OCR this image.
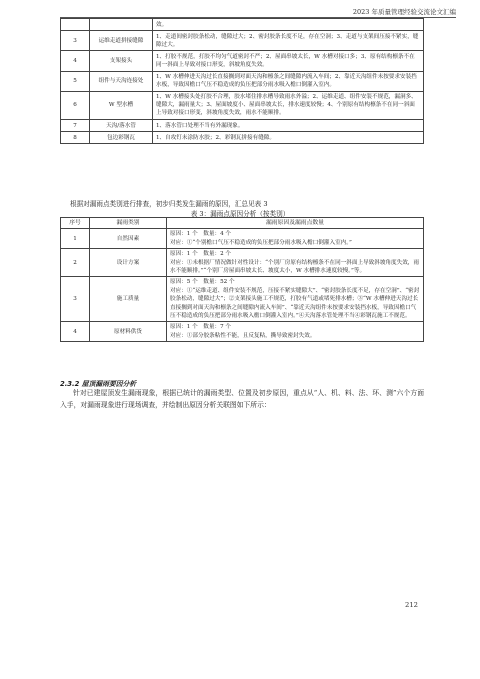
2023 年质量管理经验交流论文汇编
		效。
3	运维走道拼接缝隙	1、走道间密封胶条松动，缝隙过大；2、密封胶条长度不足，存在空洞；3、走道与支架间压接不紧实，缝隙过大。
4	支架接头	1、打胶不规范，打胶不均匀气道密封不严；2、屋面串坡太长，W 水槽对接口多；3、原有结构檩条不在同一斜面上导致对接口形变，斜坡角度失效。
5	组件与天沟连接处	1、W 水槽伸进天沟过长直接搁到对面天沟和檩条之间缝隙内流入车间；2、靠近天沟组件未按要求安装挡水板，导致因檐口气压不稳造成的负压把部分雨水吸入檐口倒灌入室内。
6	W 型水槽	1、W 水槽接头处打胶不合理，胶水堵住排水槽导致雨水外溢；2、运维走道、组件安装不规范，漏洞多、缝隙大，漏雨量大；3、屋面坡度小、屋面串坡太长，排水速度较慢；4、个别原有结构檩条不在同一斜面上导致对接口形变，斜坡角度失效，雨水不能顺排。
7	天沟/落水管	1、落水管口处理不当有外漏现象。
8	包边彩钢瓦	1、自攻钉未涂防水胶；2、彩钢瓦拼接有缝隙。
根据对漏雨点类别进行排查，初步归类发生漏雨的原因，汇总见表 3
表 3：漏雨点原因分析（按类别）
序号	漏雨类别	漏雨原因及漏雨点数量
1	自然因素	原因：1 个　数量：4 个
对应：①“个别檐口气压不稳造成的负压把部分雨水吸入檐口倒灌入室内。”
2	设计方案	原因：1 个　数量：2 个
对应：①未根据厂情况做针对性设计：“个别厂房原有结构檩条不在同一斜面上导致斜坡角度失效，雨水不能顺排。”“个别厂房屋面串坡太长、坡度太小，W 水槽排水速度较慢。”等。
3	施工质量	原因：5 个　数量：52 个
对应：①“运维走道、组件安装不规范，压接不紧实缝隙大”、“密封胶条长度不足，存在空洞”、“密封胶条松动，缝隙过大”；②支架接头施工不规范，打胶有气道或堵死排水槽；③“W 水槽伸进天沟过长直接搁到对面天沟和檩条之间缝隙内流入车间”、“靠近天沟组件未按要求安装挡水板，导致因檐口气压不稳造成的负压把部分雨水吸入檐口倒灌入室内。”④天沟落水管处理不当④彩钢瓦施工不规范。
4	原材料供货	原因：1 个　数量：7 个
对应：①部分胶条粘性不能，且反复粘，撕导致密封失效。
2.3.2 屋顶漏雨要因分析
针对已建屋顶发生漏雨现象，根据已统计的漏雨类型、位置及初步原因，重点从“人、机、料、法、环、测”六个方面入手，对漏雨现象进行现场调查，并绘制出原因分析关联图如下所示：
212
